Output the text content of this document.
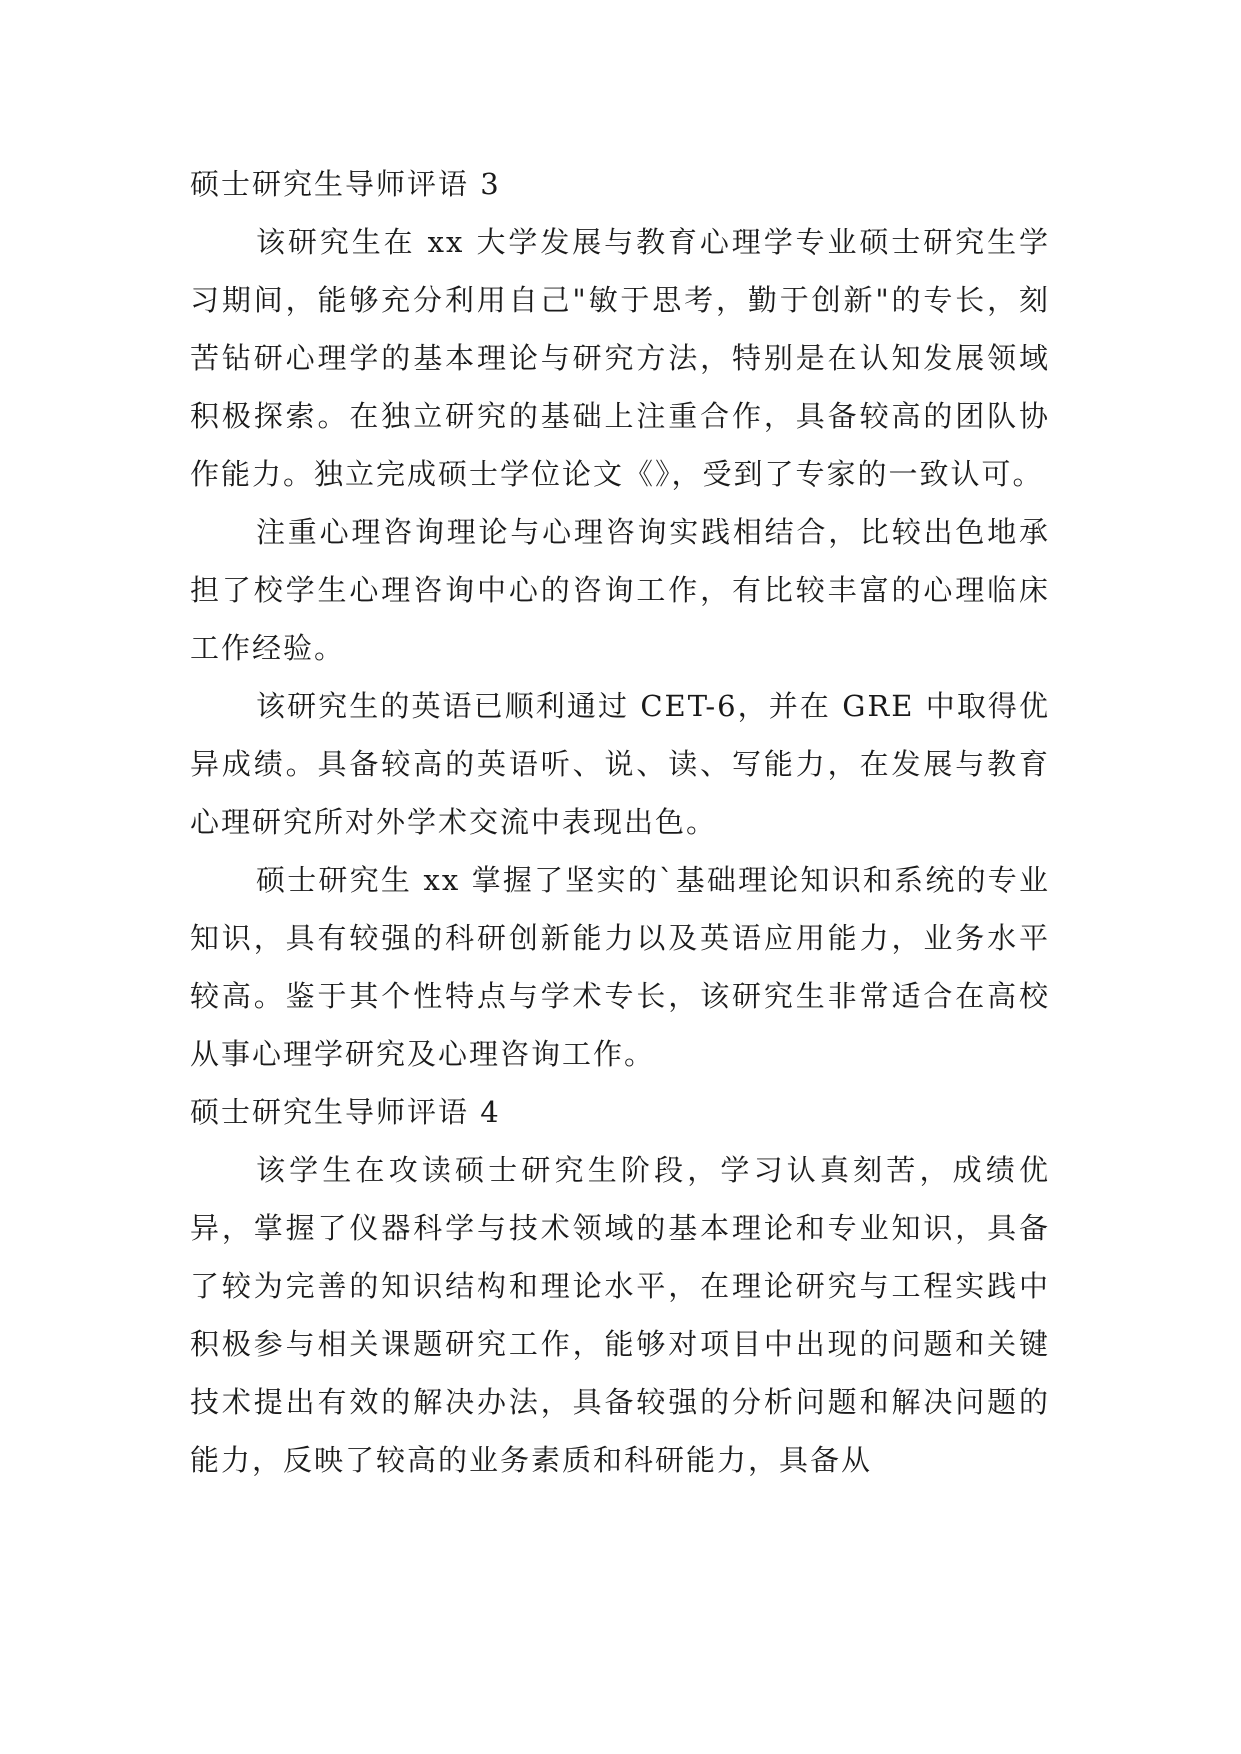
硕士研究生导师评语 3

该研究生在 xx 大学发展与教育心理学专业硕士研究生学习期间，能够充分利用自己"敏于思考，勤于创新"的专长，刻苦钻研心理学的基本理论与研究方法，特别是在认知发展领域积极探索。在独立研究的基础上注重合作，具备较高的团队协作能力。独立完成硕士学位论文《》，受到了专家的一致认可。

注重心理咨询理论与心理咨询实践相结合，比较出色地承担了校学生心理咨询中心的咨询工作，有比较丰富的心理临床工作经验。

该研究生的英语已顺利通过 CET-6，并在 GRE 中取得优异成绩。具备较高的英语听、说、读、写能力，在发展与教育心理研究所对外学术交流中表现出色。

硕士研究生 xx 掌握了坚实的`基础理论知识和系统的专业知识，具有较强的科研创新能力以及英语应用能力，业务水平较高。鉴于其个性特点与学术专长，该研究生非常适合在高校从事心理学研究及心理咨询工作。

硕士研究生导师评语 4

该学生在攻读硕士研究生阶段，学习认真刻苦，成绩优异，掌握了仪器科学与技术领域的基本理论和专业知识，具备了较为完善的知识结构和理论水平，在理论研究与工程实践中积极参与相关课题研究工作，能够对项目中出现的问题和关键技术提出有效的解决办法，具备较强的分析问题和解决问题的能力，反映了较高的业务素质和科研能力，具备从
